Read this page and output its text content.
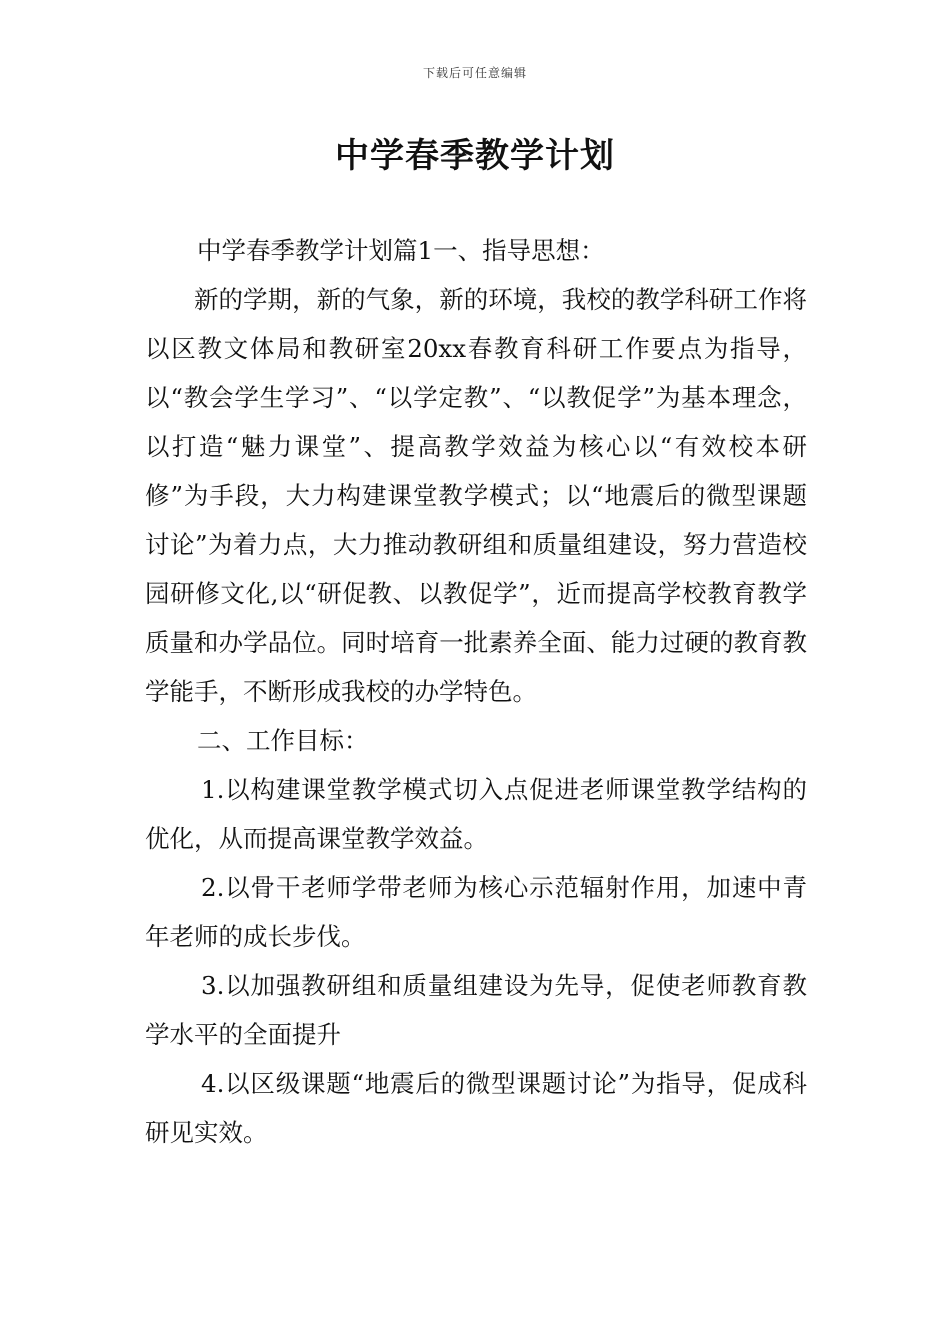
下载后可任意编辑
中学春季教学计划

中学春季教学计划篇1一、指导思想：

新的学期，新的气象，新的环境，我校的教学科研工作将以区教文体局和教研室20xx春教育科研工作要点为指导，以“教会学生学习”、“以学定教”、“以教促学”为基本理念，以打造“魅力课堂”、提高教学效益为核心以“有效校本研修”为手段，大力构建课堂教学模式；以“地震后的微型课题讨论”为着力点，大力推动教研组和质量组建设，努力营造校园研修文化,以“研促教、以教促学”，近而提高学校教育教学质量和办学品位。同时培育一批素养全面、能力过硬的教育教学能手，不断形成我校的办学特色。

二、工作目标：

1.以构建课堂教学模式切入点促进老师课堂教学结构的优化，从而提高课堂教学效益。

2.以骨干老师学带老师为核心示范辐射作用，加速中青年老师的成长步伐。

3.以加强教研组和质量组建设为先导，促使老师教育教学水平的全面提升

4.以区级课题“地震后的微型课题讨论”为指导，促成科研见实效。
